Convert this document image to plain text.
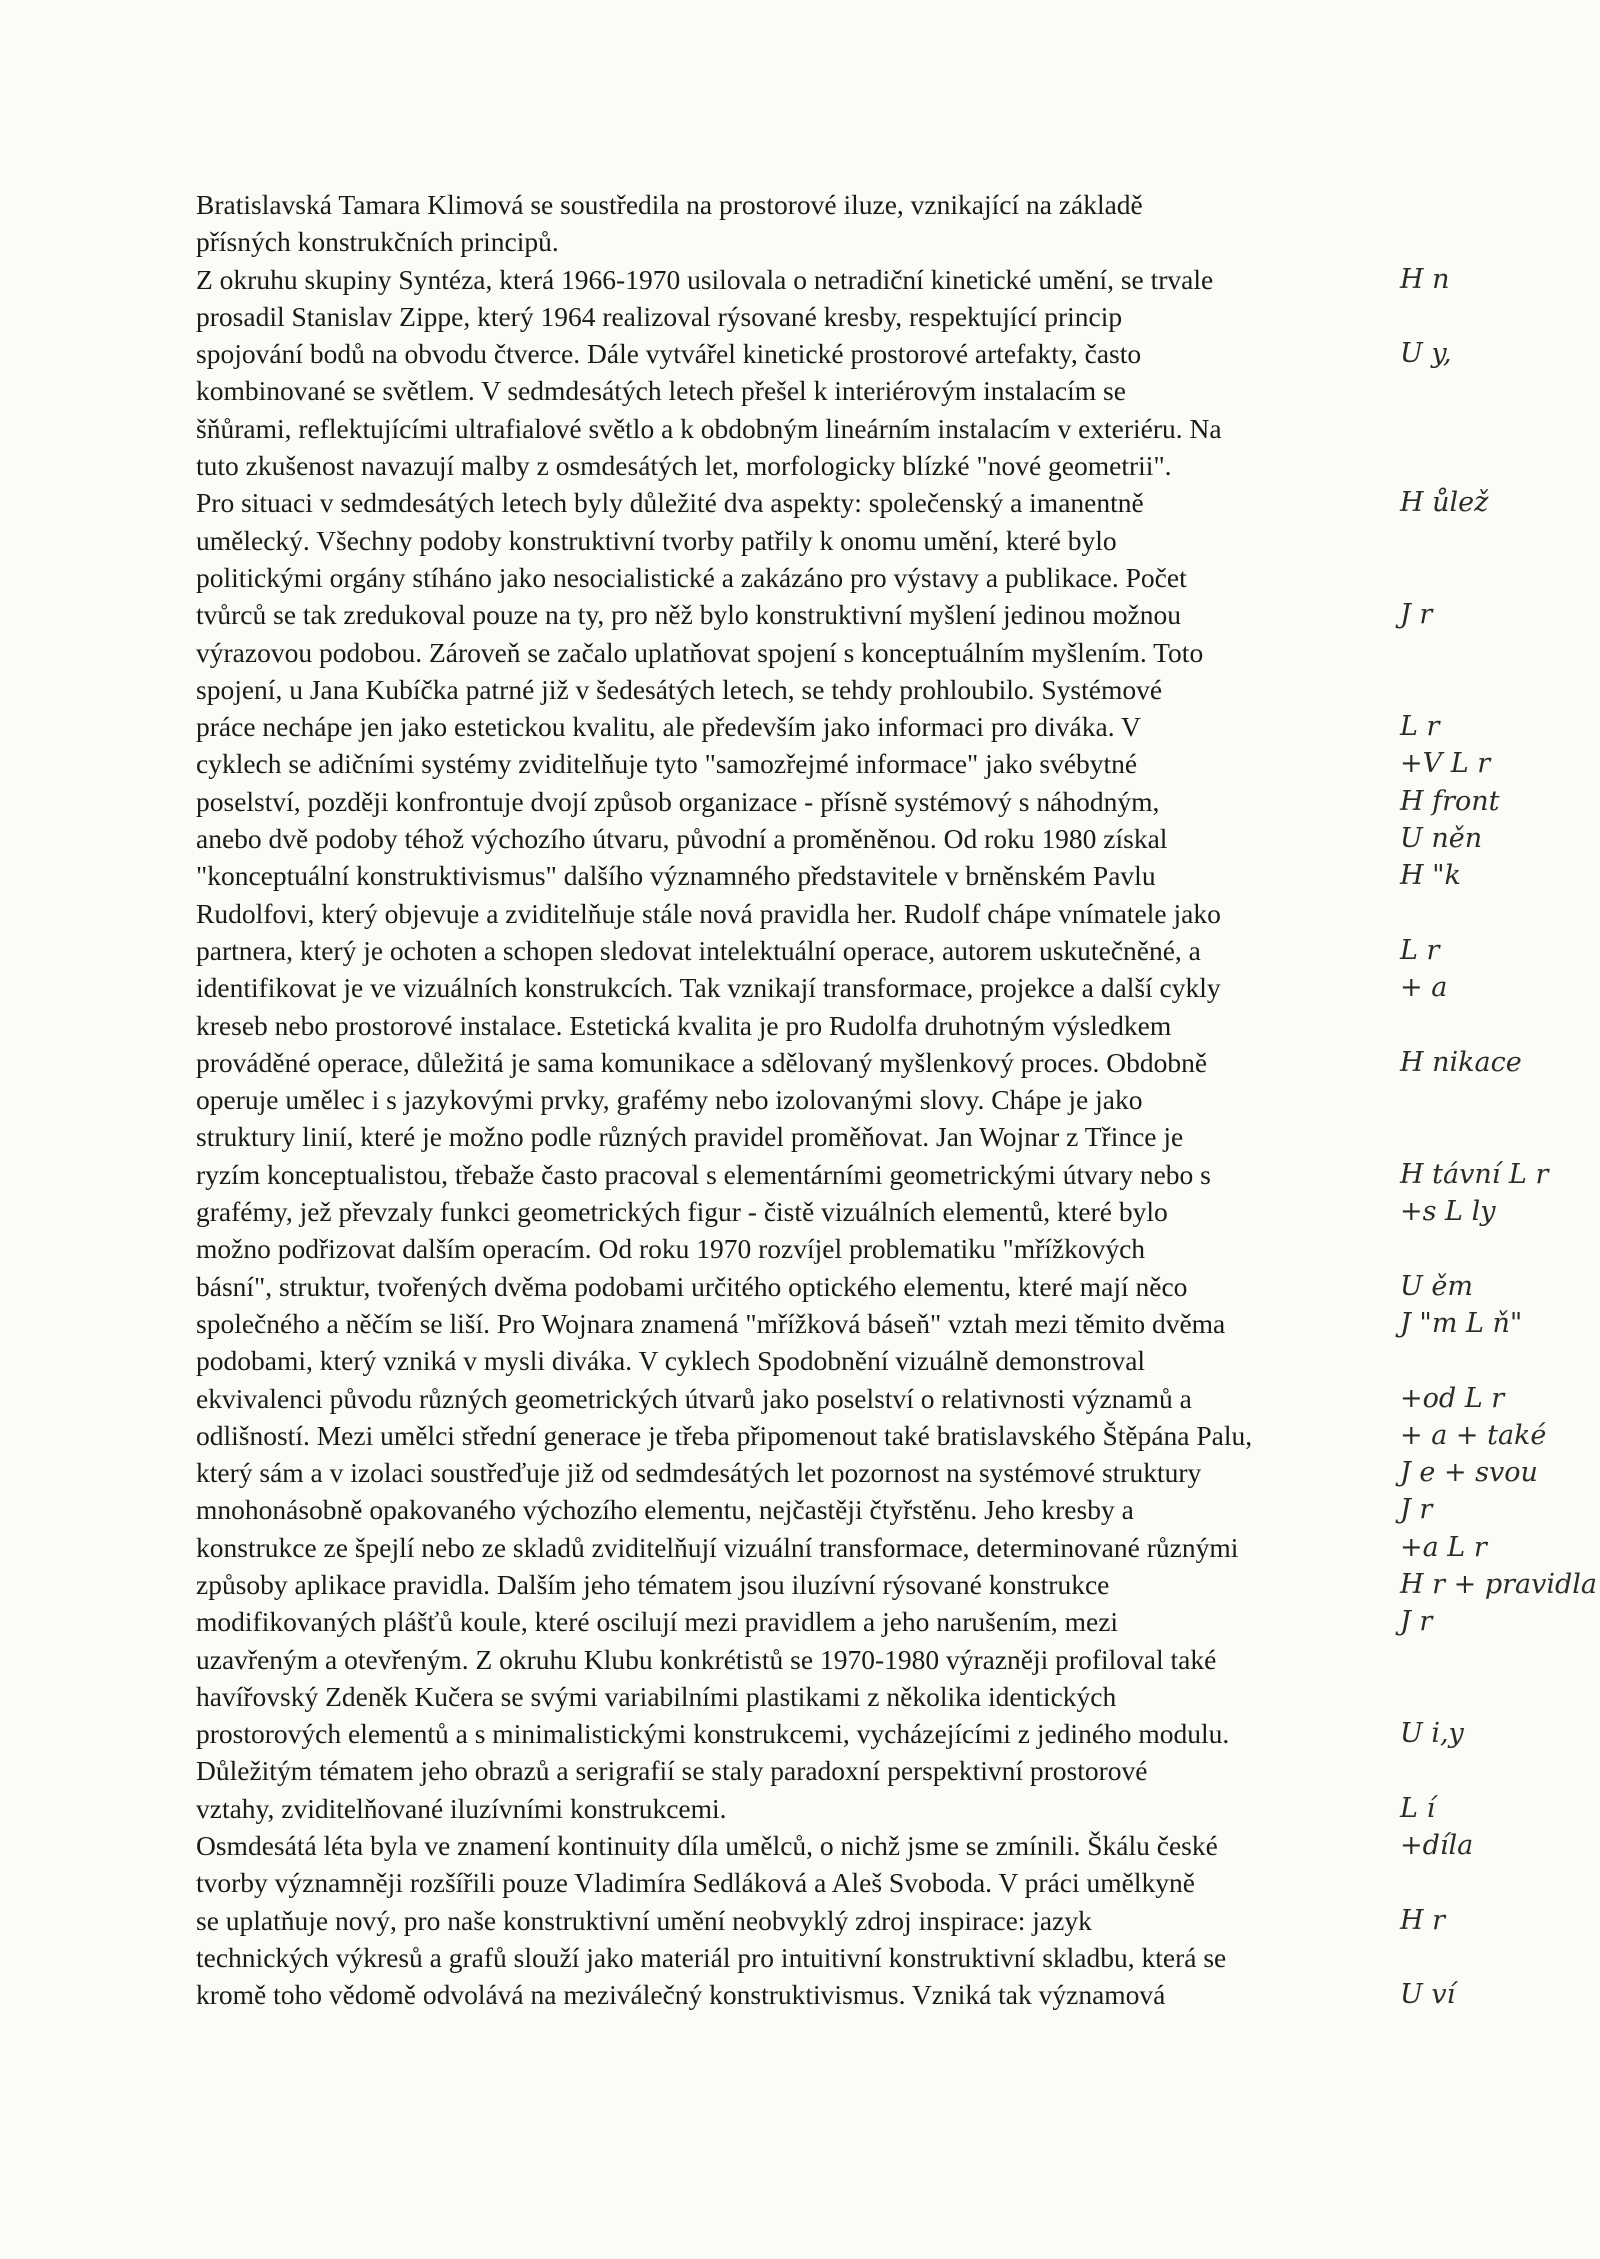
Bratislavská Tamara Klimová se soustředila na prostorové iluze, vznikající na základě
přísných konstrukčních principů.
Z okruhu skupiny Syntéza, která 1966-1970 usilovala o netradiční kinetické umění, se trvale
prosadil Stanislav Zippe, který 1964 realizoval rýsované kresby, respektující princip
spojování bodů na obvodu čtverce. Dále vytvářel kinetické prostorové artefakty, často
kombinované se světlem. V sedmdesátých letech přešel k interiérovým instalacím se
šňůrami, reflektujícími ultrafialové světlo a k obdobným lineárním instalacím v exteriéru. Na
tuto zkušenost navazují malby z osmdesátých let, morfologicky blízké "nové geometrii".
Pro situaci v sedmdesátých letech byly důležité dva aspekty: společenský a imanentně
umělecký. Všechny podoby konstruktivní tvorby patřily k onomu umění, které bylo
politickými orgány stíháno jako nesocialistické a zakázáno pro výstavy a publikace. Počet
tvůrců se tak zredukoval pouze na ty, pro něž bylo konstruktivní myšlení jedinou možnou
výrazovou podobou. Zároveň se začalo uplatňovat spojení s konceptuálním myšlením. Toto
spojení, u Jana Kubíčka patrné již v šedesátých letech, se tehdy prohloubilo. Systémové
práce nechápe jen jako estetickou kvalitu, ale především jako informaci pro diváka. V
cyklech se adičními systémy zviditelňuje tyto "samozřejmé informace" jako svébytné
poselství, později konfrontuje dvojí způsob organizace - přísně systémový s náhodným,
anebo dvě podoby téhož výchozího útvaru, původní a proměněnou. Od roku 1980 získal
"konceptuální konstruktivismus" dalšího významného představitele v brněnském Pavlu
Rudolfovi, který objevuje a zviditelňuje stále nová pravidla her. Rudolf chápe vnímatele jako
partnera, který je ochoten a schopen sledovat intelektuální operace, autorem uskutečněné, a
identifikovat je ve vizuálních konstrukcích. Tak vznikají transformace, projekce a další cykly
kreseb nebo prostorové instalace. Estetická kvalita je pro Rudolfa druhotným výsledkem
prováděné operace, důležitá je sama komunikace a sdělovaný myšlenkový proces. Obdobně
operuje umělec i s jazykovými prvky, grafémy nebo izolovanými slovy. Chápe je jako
struktury linií, které je možno podle různých pravidel proměňovat. Jan Wojnar z Třince je
ryzím konceptualistou, třebaže často pracoval s elementárními geometrickými útvary nebo s
grafémy, jež převzaly funkci geometrických figur - čistě vizuálních elementů, které bylo
možno podřizovat dalším operacím. Od roku 1970 rozvíjel problematiku "mřížkových
básní", struktur, tvořených dvěma podobami určitého optického elementu, které mají něco
společného a něčím se liší. Pro Wojnara znamená "mřížková báseň" vztah mezi těmito dvěma
podobami, který vzniká v mysli diváka. V cyklech Spodobnění vizuálně demonstroval
ekvivalenci původu různých geometrických útvarů jako poselství o relativnosti významů a
odlišností. Mezi umělci střední generace je třeba připomenout také bratislavského Štěpána Palu,
který sám a v izolaci soustřeďuje již od sedmdesátých let pozornost na systémové struktury
mnohonásobně opakovaného výchozího elementu, nejčastěji čtyřstěnu. Jeho kresby a
konstrukce ze špejlí nebo ze skladů zviditelňují vizuální transformace, determinované různými
způsoby aplikace pravidla. Dalším jeho tématem jsou iluzívní rýsované konstrukce
modifikovaných plášťů koule, které oscilují mezi pravidlem a jeho narušením, mezi
uzavřeným a otevřeným. Z okruhu Klubu konkrétistů se 1970-1980 výrazněji profiloval také
havířovský Zdeněk Kučera se svými variabilními plastikami z několika identických
prostorových elementů a s minimalistickými konstrukcemi, vycházejícími z jediného modulu.
Důležitým tématem jeho obrazů a serigrafií se staly paradoxní perspektivní prostorové
vztahy, zviditelňované iluzívními konstrukcemi.
Osmdesátá léta byla ve znamení kontinuity díla umělců, o nichž jsme se zmínili. Škálu české
tvorby významněji rozšířili pouze Vladimíra Sedláková a Aleš Svoboda. V práci umělkyně
se uplatňuje nový, pro naše konstruktivní umění neobvyklý zdroj inspirace: jazyk
technických výkresů a grafů slouží jako materiál pro intuitivní konstruktivní skladbu, která se
kromě toho vědomě odvolává na meziválečný konstruktivismus. Vzniká tak významová
H n
U y,
H ůlež
J r
L r
+V L r
H front
U něn
H "k
L r
+ a
H nikace
H távní L r
+s L ly
U ěm
J "m L ň"
+od L r
+ a + také
J e + svou
J r
+a L r
H r + pravidla
J r
U i,y
L í
+díla
H r
U ví
